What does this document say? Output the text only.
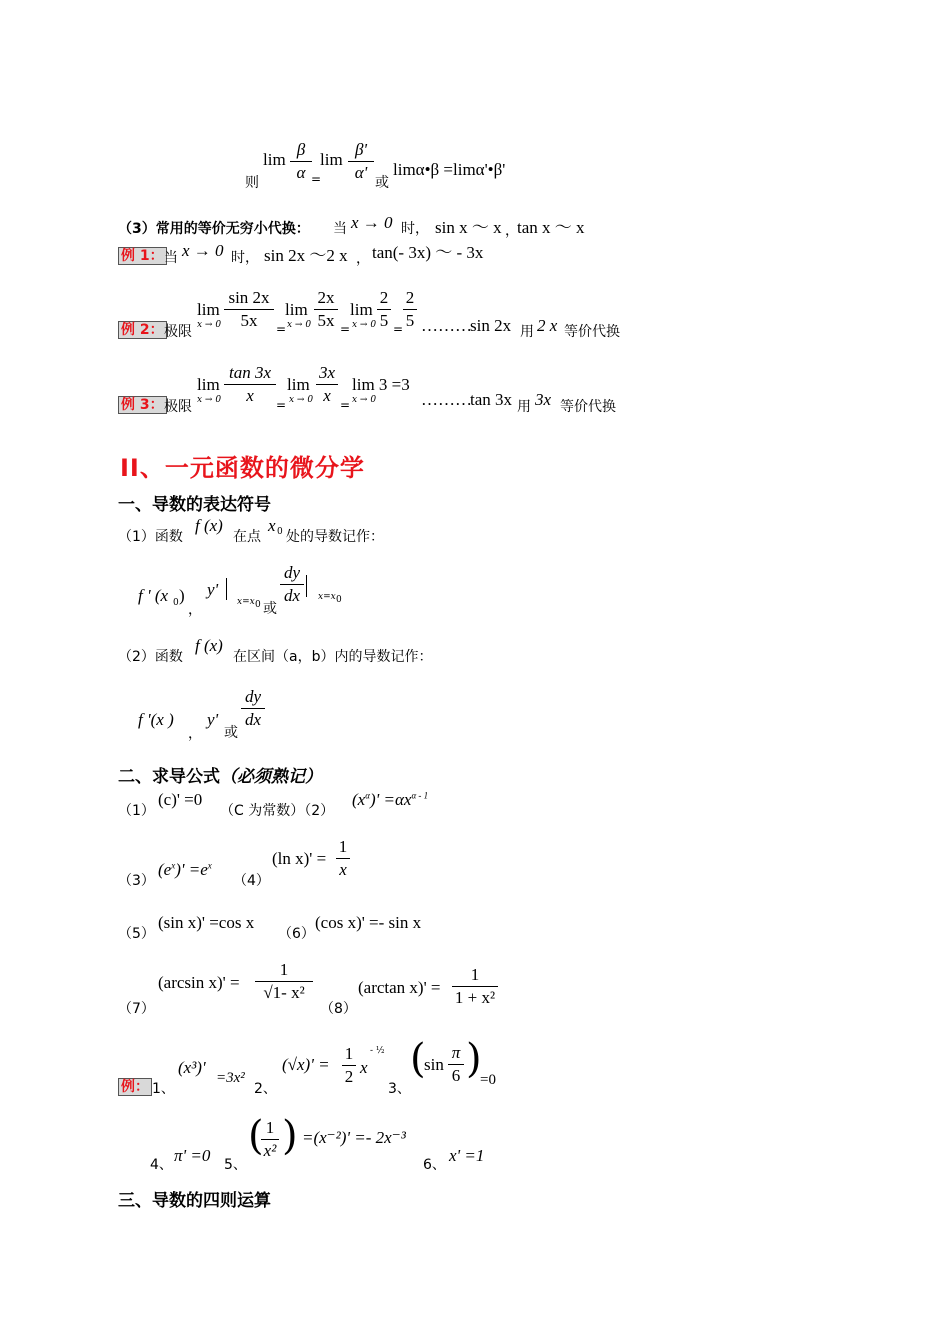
则
lim
β
α =
lim
β'
α'
或
limα•β =limα'•β'
（3）常用的等价无穷小代换： 当 x → 0 时， sin x ～ x ，
tan x ～ x
例 1： 当 x → 0 时， sin 2x ～2 x ， tan(- 3x) ～ - 3x
例 2： 极限
lim
x → 0
sin 2x
5x
lim
x → 0
=
2x
5x =
lim
x → 0
2
5 =
2
5 ………
sin 2x 用 2 x 等价代换
例 3： 极限
lim
x → 0
tan 3x
x	=
lim
x → 0
3x
x =
lim 3 =3
x → 0	………
tan 3x 用 3x 等价代换
II、一元函数的微分学
一、导数的表达符号
（1）函数
f (x)
在点
x 0 处的导数记作：
f ' (x 0 )
，
y'
x=x 0 或
dy
dx	x=x 0
（2）函数
f (x)
在区间（a，b）内的导数记作：
f '(x )
，
y'
或
dy
dx
二、求导公式（必须熟记）
（1）
(c)' =0
（C 为常数）（2）
$(x^\alpha)' =\alpha x^{\alpha - 1}$
（3）
$(e^x)' =e^x$
（4）
(ln x)' =
1
x
（5）
(sin x)' =cos x
（6）
(cos x)' =- sin x
（7）
(arcsin x)' =
1
√1- x²
（8）
(arctan x)' =
1
1 + x²
例： 1、
(x³)'
=3x²
2、
(√x)' =
1
2 x
- ½
3、
(
sin
π
6 )
=0
4、 π' =0 5、
( 1
x² ) =(x⁻²)' =- 2x⁻³
6、 x' =1
三、导数的四则运算
